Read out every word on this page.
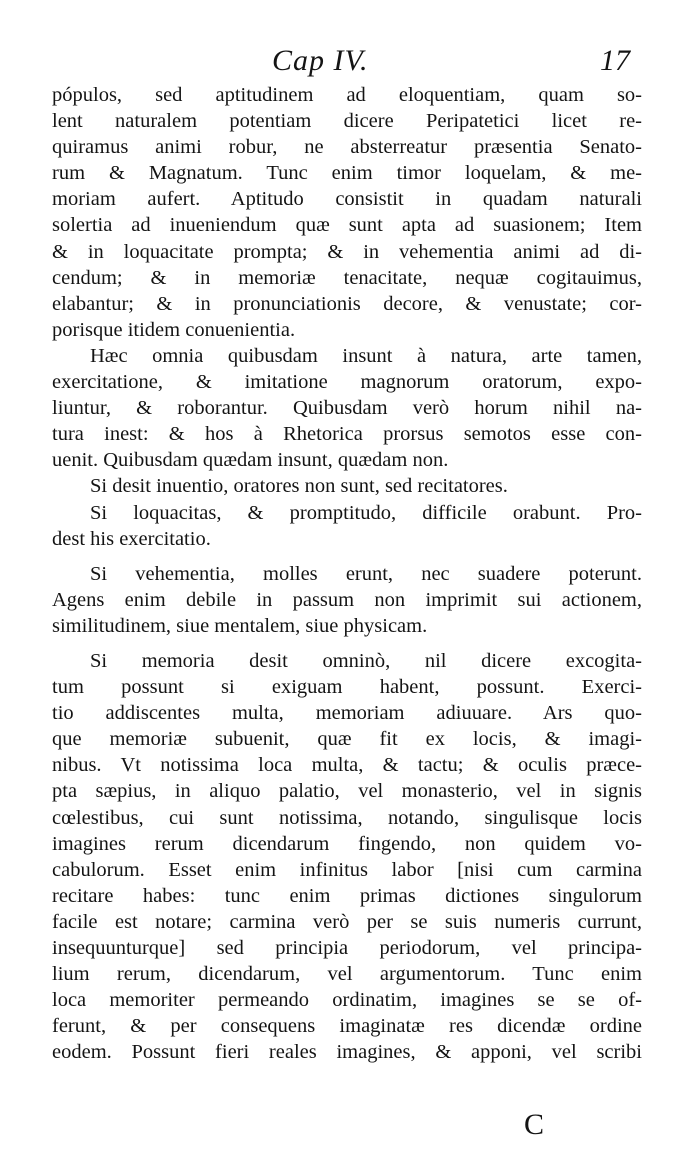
Cap IV.	17
pópulos, sed aptitudinem ad eloquentiam, quam so-
lent naturalem potentiam dicere Peripatetici licet re-
quiramus animi robur, ne absterreatur præsentia Senato-
rum & Magnatum. Tunc enim timor loquelam, & me-
moriam aufert. Aptitudo consistit in quadam naturali
solertia ad inueniendum quæ sunt apta ad suasionem; Item
& in loquacitate prompta; & in vehementia animi ad di-
cendum; & in memoriæ tenacitate, nequæ cogitauimus,
elabantur; & in pronunciationis decore, & venustate; cor-
porisque itidem conuenientia.
Hæc omnia quibusdam insunt à natura, arte tamen,
exercitatione, & imitatione magnorum oratorum, expo-
liuntur, & roborantur. Quibusdam verò horum nihil na-
tura inest: & hos à Rhetorica prorsus semotos esse con-
uenit. Quibusdam quædam insunt, quædam non.
Si desit inuentio, oratores non sunt, sed recitatores.
Si loquacitas, & promptitudo, difficile orabunt. Pro-
dest his exercitatio.
Si vehementia, molles erunt, nec suadere poterunt.
Agens enim debile in passum non imprimit sui actionem,
similitudinem, siue mentalem, siue physicam.
Si memoria desit omninò, nil dicere excogita-
tum possunt si exiguam habent, possunt. Exerci-
tio addiscentes multa, memoriam adiuuare. Ars quo-
que memoriæ subuenit, quæ fit ex locis, & imagi-
nibus. Vt notissima loca multa, & tactu; & oculis præce-
pta sæpius, in aliquo palatio, vel monasterio, vel in signis
cœlestibus, cui sunt notissima, notando, singulisque locis
imagines rerum dicendarum fingendo, non quidem vo-
cabulorum. Esset enim infinitus labor [nisi cum carmina
recitare habes: tunc enim primas dictiones singulorum
facile est notare; carmina verò per se suis numeris currunt,
insequunturque] sed principia periodorum, vel principa-
lium rerum, dicendarum, vel argumentorum. Tunc enim
loca memoriter permeando ordinatim, imagines se se of-
ferunt, & per consequens imaginatæ res dicendæ ordine
eodem. Possunt fieri reales imagines, & apponi, vel scribi
C
